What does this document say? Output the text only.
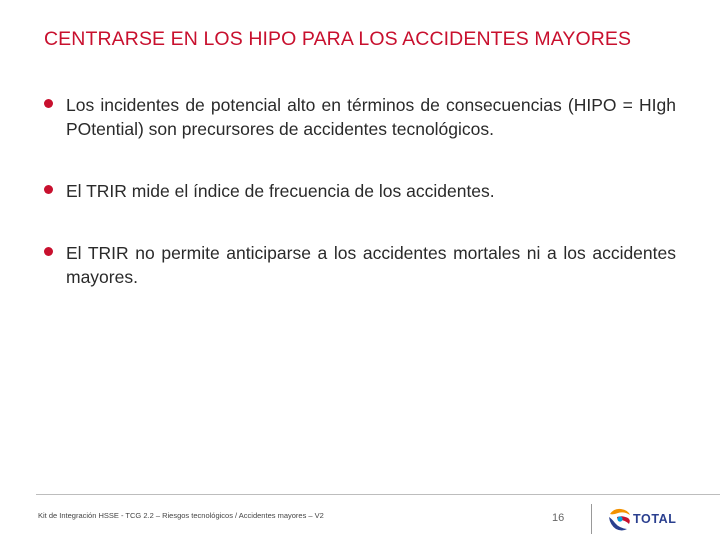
CENTRARSE EN LOS HIPO PARA LOS ACCIDENTES MAYORES
Los incidentes de potencial alto en términos de consecuencias (HIPO = HIgh POtential) son precursores de accidentes tecnológicos.
El TRIR mide el índice de frecuencia de los accidentes.
El TRIR no permite anticiparse a los accidentes mortales ni a los accidentes mayores.
Kit de Integración HSSE - TCG 2.2 – Riesgos tecnológicos / Accidentes mayores – V2	16	TOTAL
